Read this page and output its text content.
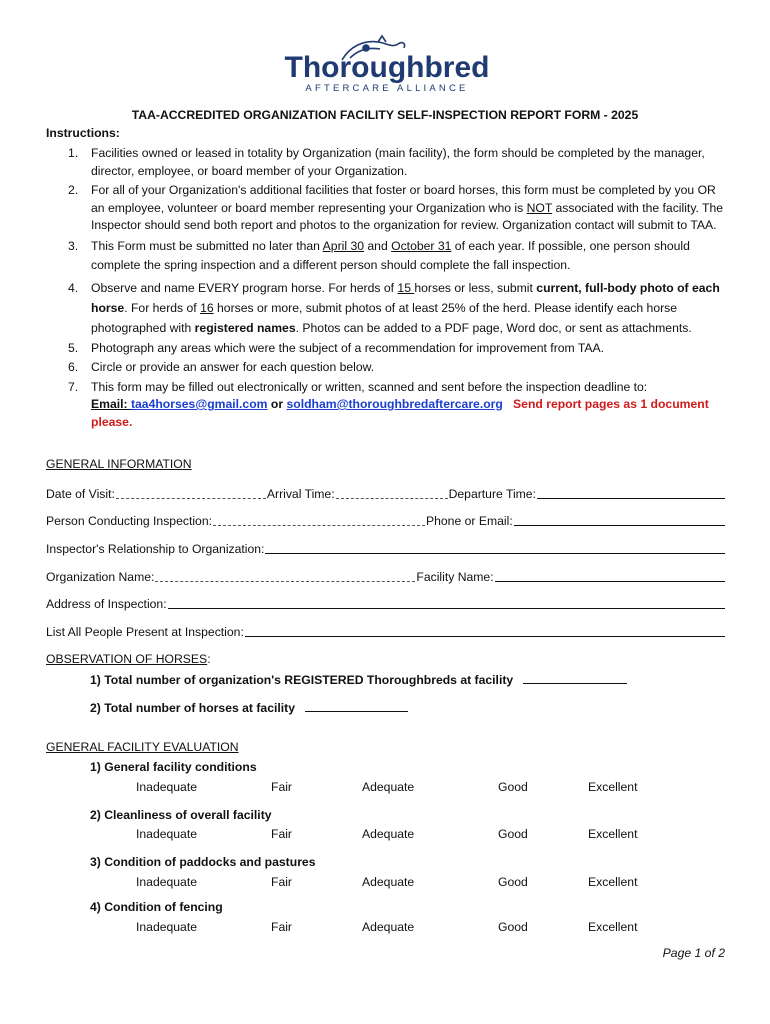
Thoroughbred
AFTERCARE ALLIANCE
TAA-ACCREDITED ORGANIZATION FACILITY SELF-INSPECTION REPORT FORM - 2025
Instructions:
1. Facilities owned or leased in totality by Organization (main facility), the form should be completed by the manager, director, employee, or board member of your Organization.
2. For all of your Organization's additional facilities that foster or board horses, this form must be completed by you OR an employee, volunteer or board member representing your Organization who is NOT associated with the facility. The Inspector should send both report and photos to the organization for review. Organization contact will submit to TAA.
3. This Form must be submitted no later than April 30 and October 31 of each year. If possible, one person should complete the spring inspection and a different person should complete the fall inspection.
4. Observe and name EVERY program horse. For herds of 15 horses or less, submit current, full-body photo of each horse. For herds of 16 horses or more, submit photos of at least 25% of the herd. Please identify each horse photographed with registered names. Photos can be added to a PDF page, Word doc, or sent as attachments.
5. Photograph any areas which were the subject of a recommendation for improvement from TAA.
6. Circle or provide an answer for each question below.
7. This form may be filled out electronically or written, scanned and sent before the inspection deadline to:
Email: taa4horses@gmail.com or soldham@thoroughbredaftercare.org Send report pages as 1 document please.
GENERAL INFORMATION
Date of Visit:	Arrival Time:	Departure Time:
Person Conducting Inspection:	Phone or Email:
Inspector's Relationship to Organization:
Organization Name:	Facility Name:
Address of Inspection:
List All People Present at Inspection:
OBSERVATION OF HORSES:
1) Total number of organization's REGISTERED Thoroughbreds at facility
2) Total number of horses at facility
GENERAL FACILITY EVALUATION
1) General facility conditions
Inadequate	Fair	Adequate	Good	Excellent
2) Cleanliness of overall facility
Inadequate	Fair	Adequate	Good	Excellent
3) Condition of paddocks and pastures
Inadequate	Fair	Adequate	Good	Excellent
4) Condition of fencing
Inadequate	Fair	Adequate	Good	Excellent
Page 1 of 2
